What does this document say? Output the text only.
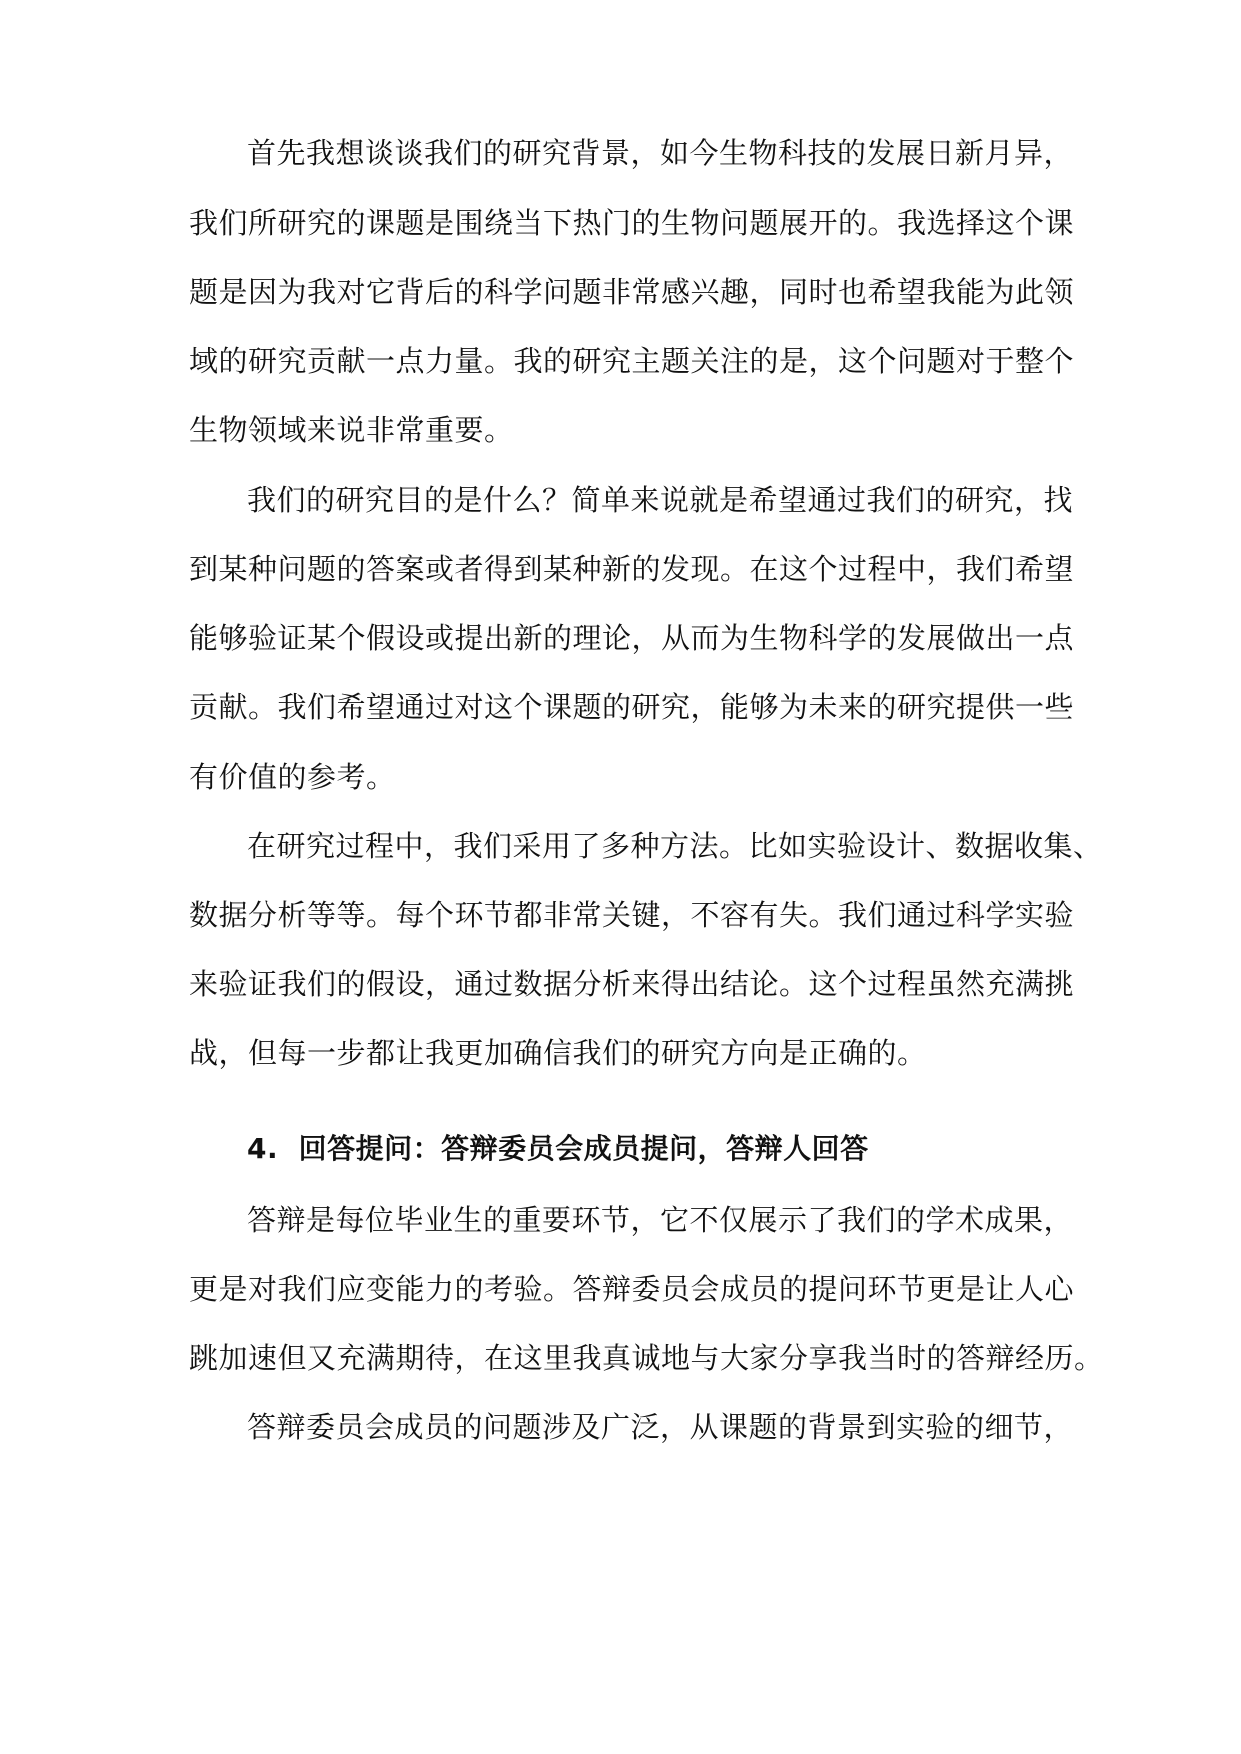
首先我想谈谈我们的研究背景，如今生物科技的发展日新月异，

我们所研究的课题是围绕当下热门的生物问题展开的。我选择这个课

题是因为我对它背后的科学问题非常感兴趣，同时也希望我能为此领

域的研究贡献一点力量。我的研究主题关注的是，这个问题对于整个

生物领域来说非常重要。

我们的研究目的是什么？简单来说就是希望通过我们的研究，找

到某种问题的答案或者得到某种新的发现。在这个过程中，我们希望

能够验证某个假设或提出新的理论，从而为生物科学的发展做出一点

贡献。我们希望通过对这个课题的研究，能够为未来的研究提供一些

有价值的参考。

在研究过程中，我们采用了多种方法。比如实验设计、数据收集、

数据分析等等。每个环节都非常关键，不容有失。我们通过科学实验

来验证我们的假设，通过数据分析来得出结论。这个过程虽然充满挑

战，但每一步都让我更加确信我们的研究方向是正确的。

4. 回答提问：答辩委员会成员提问，答辩人回答

答辩是每位毕业生的重要环节，它不仅展示了我们的学术成果，

更是对我们应变能力的考验。答辩委员会成员的提问环节更是让人心

跳加速但又充满期待，在这里我真诚地与大家分享我当时的答辩经历。

答辩委员会成员的问题涉及广泛，从课题的背景到实验的细节，
